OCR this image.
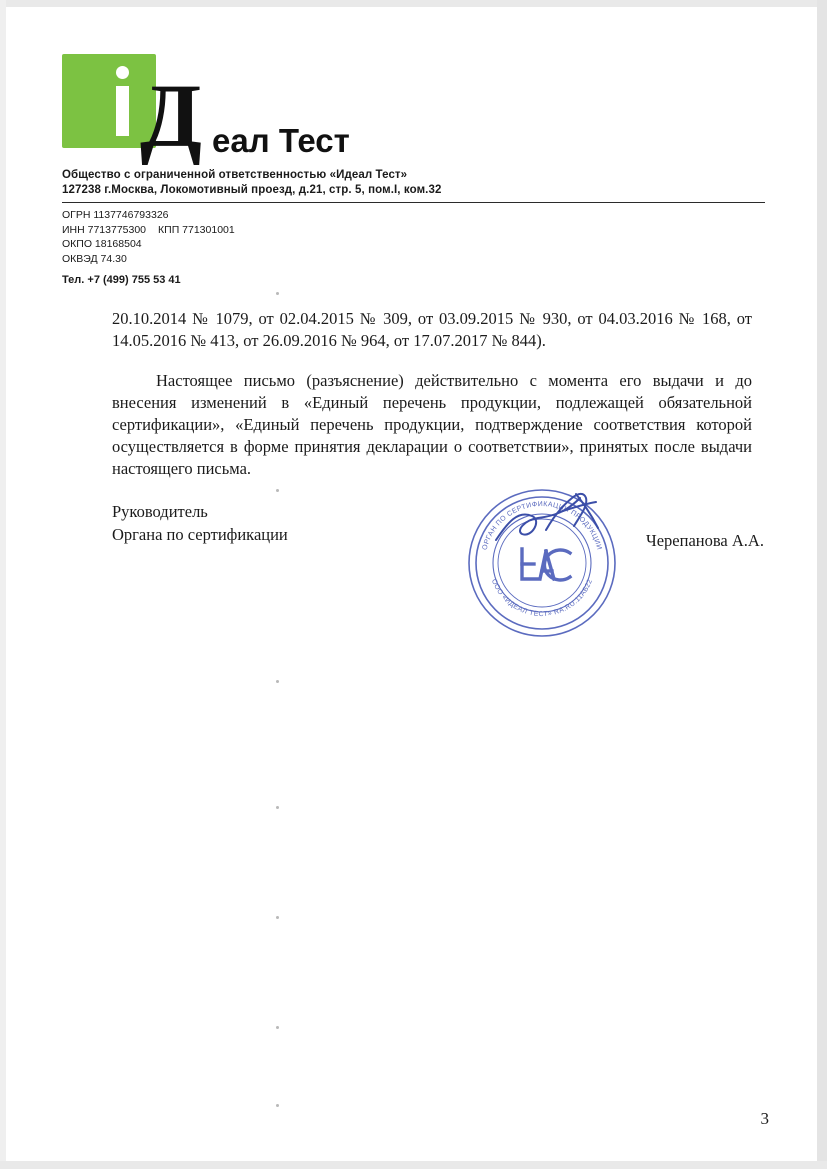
Д еал Тест
Общество с ограниченной ответственностью «Идеал Тест»
127238 г.Москва, Локомотивный проезд, д.21, стр. 5, пом.I, ком.32
ОГРН 1137746793326
ИНН 7713775300 КПП 771301001
ОКПО 18168504
ОКВЭД 74.30
Тел. +7 (499) 755 53 41

20.10.2014 № 1079, от 02.04.2015 № 309, от 03.09.2015 № 930, от 04.03.2016 № 168, от 14.05.2016 № 413, от 26.09.2016 № 964, от 17.07.2017 № 844).

Настоящее письмо (разъяснение) действительно с момента его выдачи и до внесения изменений в «Единый перечень продукции, подлежащей обязательной сертификации», «Единый перечень продукции, подтверждение соответствия которой осуществляется в форме принятия декларации о соответствии», принятых после выдачи настоящего письма.

Руководитель
Органа по сертификации	Черепанова А.А.
ОРГАН ПО СЕРТИФИКАЦИИ ПРОДУКЦИИ
ООО «ИДЕАЛ ТЕСТ» RA.RU.11АБ22
3
